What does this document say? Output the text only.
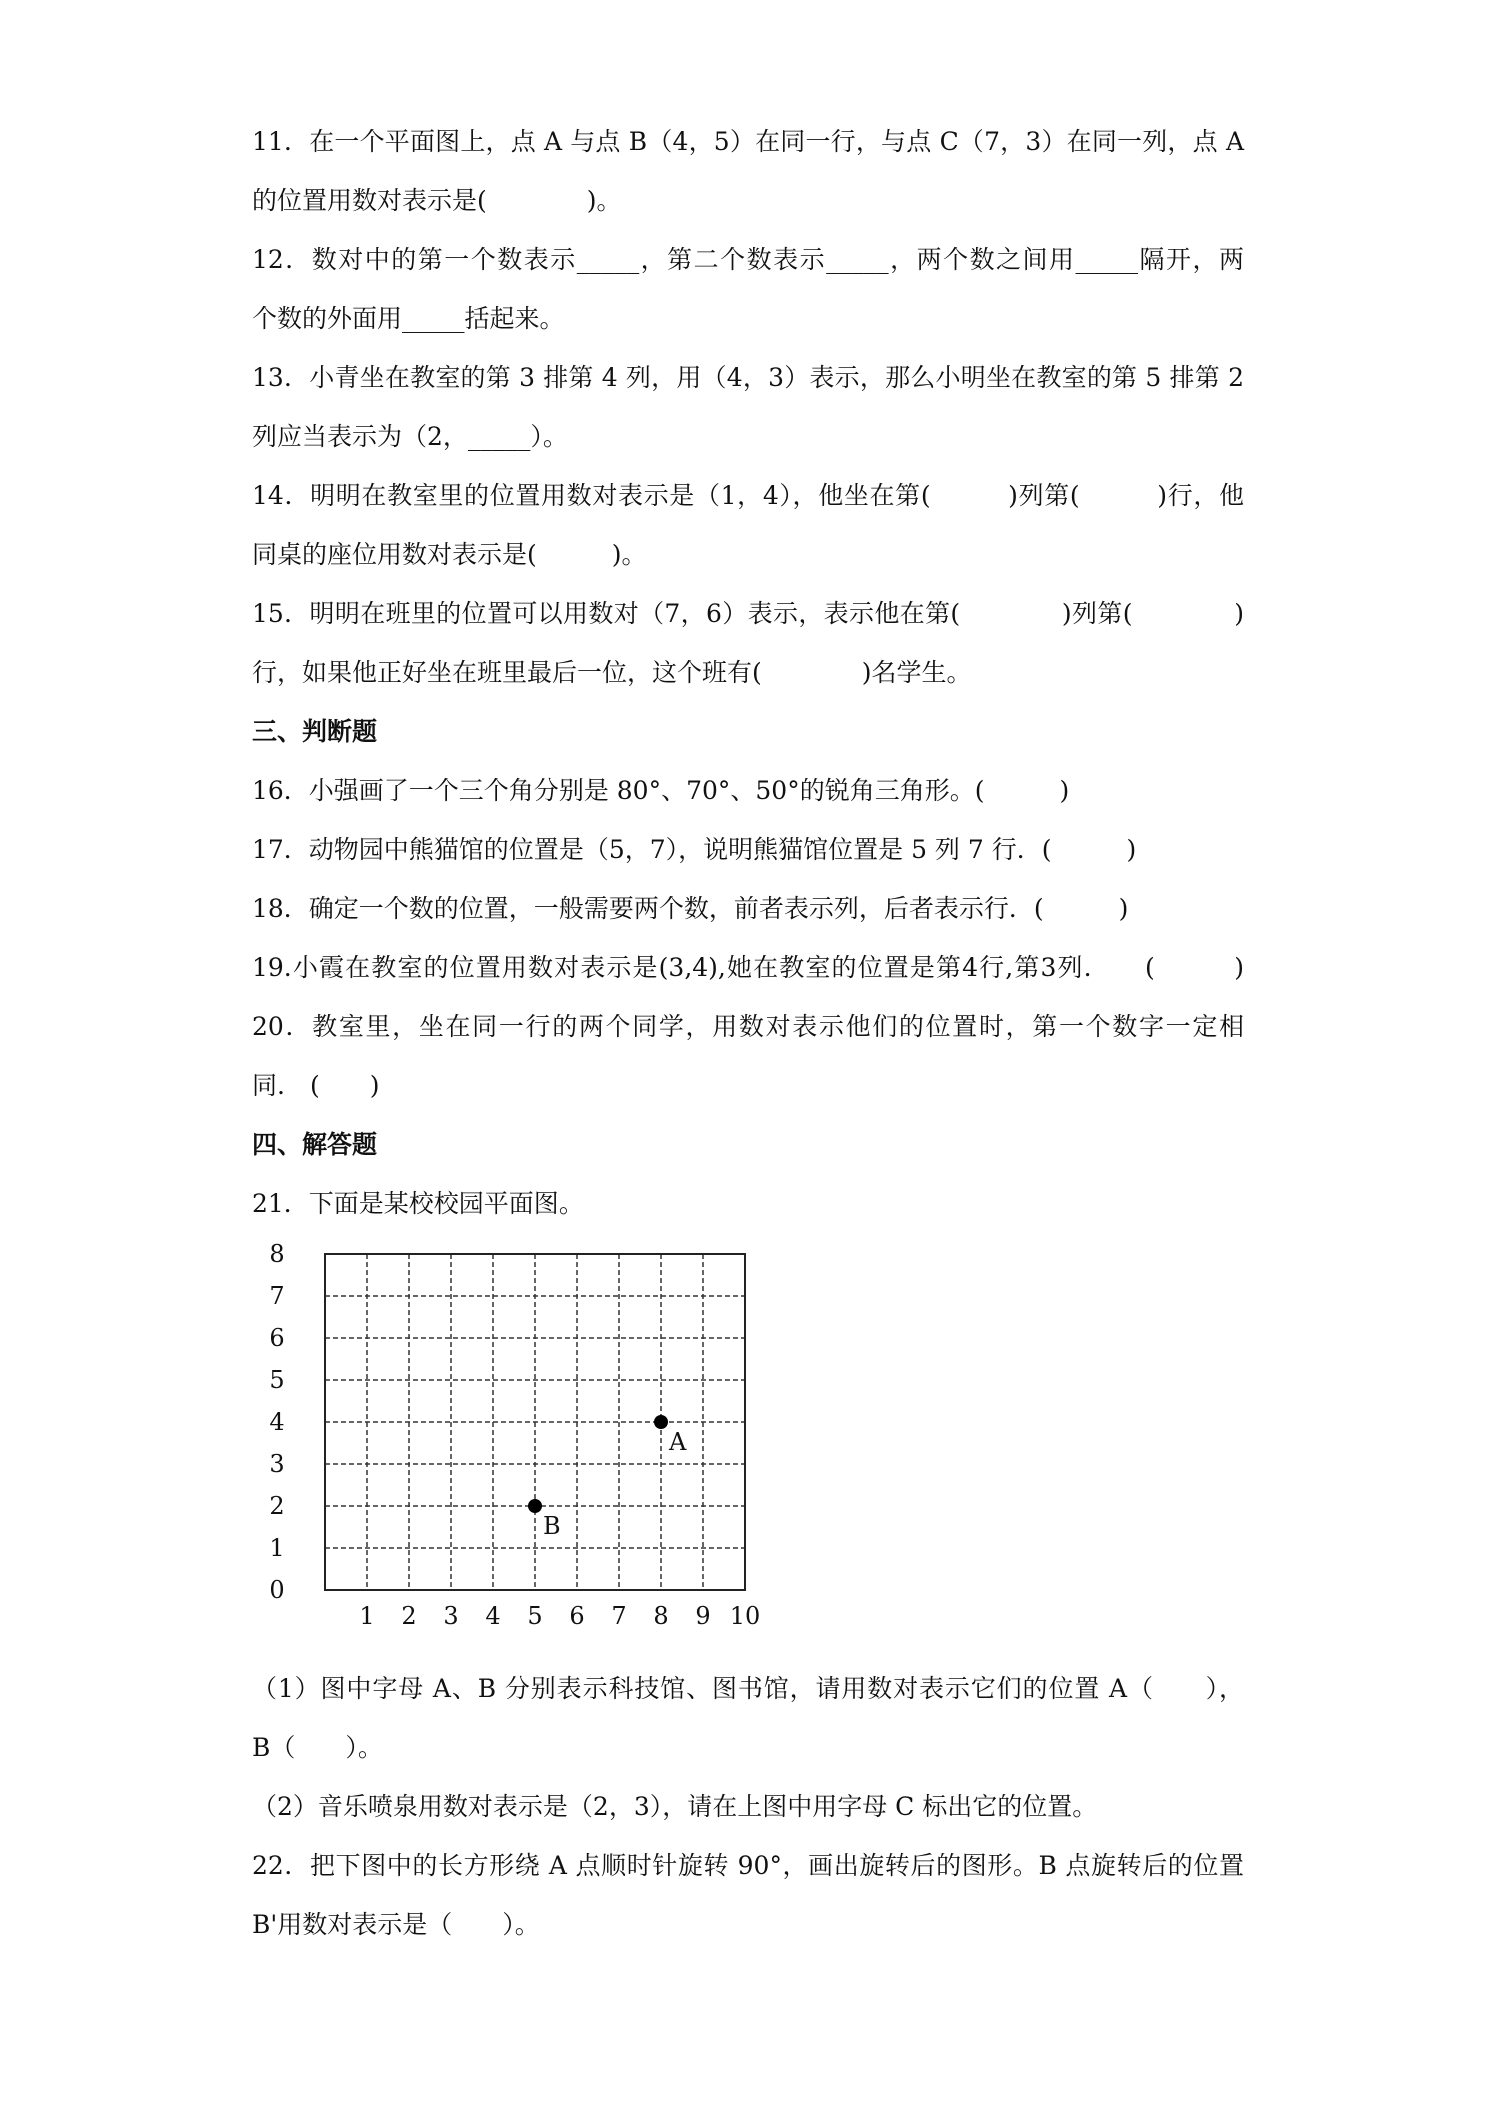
11．在一个平面图上，点 A 与点 B（4，5）在同一行，与点 C（7，3）在同一列，点 A
的位置用数对表示是(　　　　)。
12．数对中的第一个数表示_____，第二个数表示_____，两个数之间用_____隔开，两
个数的外面用_____括起来。
13．小青坐在教室的第 3 排第 4 列，用（4，3）表示，那么小明坐在教室的第 5 排第 2
列应当表示为（2，_____）。
14．明明在教室里的位置用数对表示是（1，4），他坐在第(　　　)列第(　　　)行，他
同桌的座位用数对表示是(　　　)。
15．明明在班里的位置可以用数对（7，6）表示，表示他在第(　　　　)列第(　　　　)
行，如果他正好坐在班里最后一位，这个班有(　　　　)名学生。
三、判断题
16．小强画了一个三个角分别是 80°、70°、50°的锐角三角形。(　　　)
17．动物园中熊猫馆的位置是（5，7），说明熊猫馆位置是 5 列 7 行．(　　　)
18．确定一个数的位置，一般需要两个数，前者表示列，后者表示行．(　　　)
19.小霞在教室的位置用数对表示是(3,4),她在教室的位置是第4行,第3列.　　(　　　)
20．教室里，坐在同一行的两个同学，用数对表示他们的位置时，第一个数字一定相
同.　(　　)
四、解答题
21．下面是某校校园平面图。
（1）图中字母 A、B 分别表示科技馆、图书馆，请用数对表示它们的位置 A（　　），
B（　　）。
（2）音乐喷泉用数对表示是（2，3），请在上图中用字母 C 标出它的位置。
22．把下图中的长方形绕 A 点顺时针旋转 90°，画出旋转后的图形。B 点旋转后的位置
B'用数对表示是（　　）。
1 2 3 4 5 6 7 8 9 10
0
1
2
3
4
5
6
7
8
A
B
